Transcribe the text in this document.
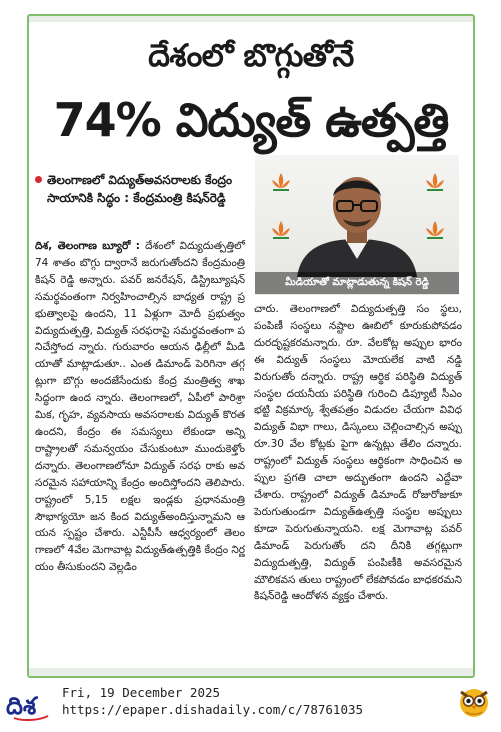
దేశంలో బొగ్గుతోనే
74% విద్యుత్ ఉత్పత్తి
తెలంగాణలో విద్యుత్అవసరాలకు కేంద్రం సాయానికి సిద్ధం : కేంద్రమంత్రి కిషన్‌రెడ్డి
మీడియాతో మాట్లాడుతున్న కిషన్ రెడ్డి
దిశ, తెలంగాణ బ్యూరో : దేశంలో విద్యుదుత్పత్తిలో 74 శాతం బొగ్గు ద్వారానే జరుగుతోందని కేంద్రమంత్రి కిషన్ రెడ్డి అన్నారు. పవర్ జనరేషన్, డిస్ట్రిబ్యూషన్ సమర్థవంతంగా నిర్వహించాల్సిన బాధ్యత రాష్ట్ర ప్రభుత్వాలపై ఉందని, 11 ఏళ్లుగా మోదీ ప్రభుత్వం విద్యుదుత్పత్తి, విద్యుత్ సరఫరాపై సమర్థవంతంగా పనిచేస్తోంద న్నారు. గురువారం ఆయన ఢిల్లీలో మీడి యాతో మాట్లాడుతూ.. ఎంత డిమాండ్ పెరిగినా తగ్గట్లుగా బొగ్గు అందజేసేందుకు కేంద్ర మంత్రిత్వ శాఖ సిద్ధంగా ఉంద న్నారు. తెలంగాణలో, ఏపీలో పారిశ్రా మిక, గృహ, వ్యవసాయ అవసరాలకు విద్యుత్ కొరత ఉందని, కేంద్రం ఈ సమస్యలు లేకుండా అన్ని రాష్ట్రాలతో సమన్వయం చేసుకుంటూ ముందుకెళ్తోం దన్నారు. తెలంగాణలోనూ విద్యుత్ సరఫ రాకు అవసరమైన సహాయాన్ని కేంద్రం అందిస్తోందని తెలిపారు. రాష్ట్రంలో 5,15 లక్షల ఇండ్లకు ప్రధానమంత్రి సౌభాగ్యయో జన కింద విద్యుత్అందిస్తున్నామని ఆయన స్పష్టం చేశారు. ఎన్టీపీసీ ఆధ్వర్యంలో తెలం గాణలో 4వేల మెగావాట్ల విద్యుత్ఉత్పత్తికి కేంద్రం నిర్ణయం తీసుకుందని వెల్లడిం
చారు. తెలంగాణలో విద్యుదుత్పత్తి సం స్థలు, పంపిణీ సంస్థలు నష్టాల ఊబిలో కూరుకుపోవడం దురదృష్టకరమన్నారు. రూ. వేలకోట్ల అప్పుల భారం ఈ విద్యుత్ సంస్థలు మోయలేక వాటి నడ్డి విరుగుతోం దన్నారు. రాష్ట్ర ఆర్థిక పరిస్థితి విద్యుత్ సంస్థల దయనీయ పరిస్థితి గురించి డిప్యూటీ సీఎం భట్టి విక్రమార్క శ్వేతపత్రం విడుదల చేయగా వివిధ విద్యుత్ విభా గాలు, డిస్కంలు చెల్లించాల్సిన అప్పు రూ.30 వేల కోట్లకు పైగా ఉన్నట్లు తేలిం దన్నారు. రాష్ట్రంలో విద్యుత్ సంస్థలు ఆర్థికంగా సాధించిన అప్పుల ప్రగతి చాలా అద్భుతంగా ఉందని ఎద్దేవా చేశారు. రాష్ట్రంలో విద్యుత్ డిమాండ్ రోజురోజుకూ పెరుగుతుండగా విద్యుత్ఉత్పత్తి సంస్థల అప్పులు కూడా పెరుగుతున్నాయని. లక్ష మెగావాట్ల పవర్ డిమాండ్ పెరుగుతోం దని దీనికి తగ్గట్లుగా విద్యుదుత్పత్తి, విద్యుత్ పంపిణీకి అవసరమైన మౌలికవస తులు రాష్ట్రంలో లేకపోవడం బాధకరమని కిషన్‌రెడ్డి ఆందోళన వ్యక్తం చేశారు.
దిశ Fri, 19 December 2025
https://epaper.dishadaily.com/c/78761035
